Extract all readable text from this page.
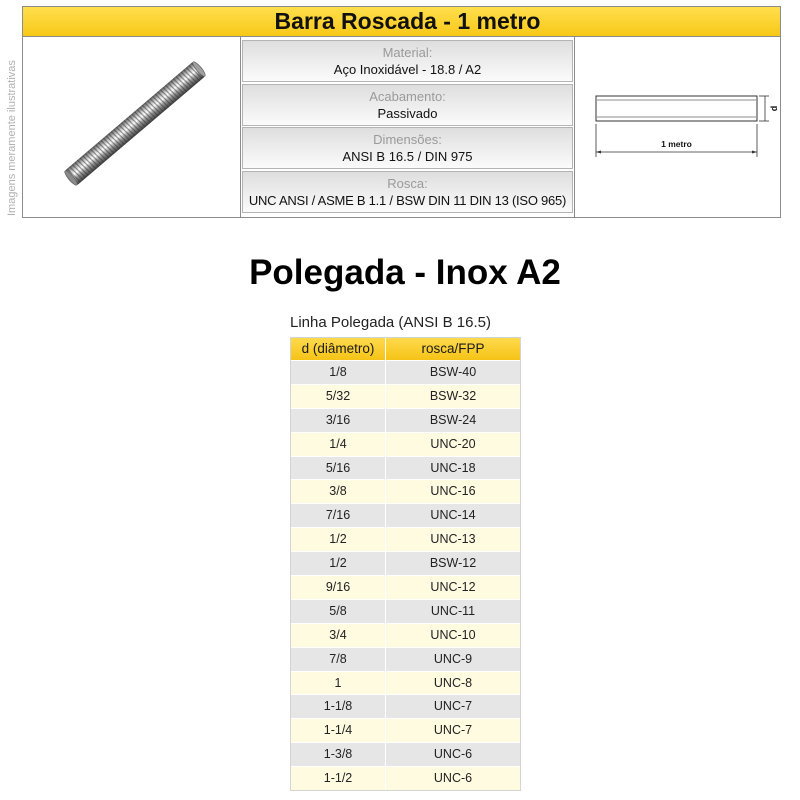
Barra Roscada - 1 metro
Imagens meramente ilustrativas
Material:
Aço Inoxidável - 18.8 / A2
Acabamento:
Passivado
Dimensões:
ANSI B 16.5 / DIN 975
Rosca:
UNC ANSI / ASME B 1.1 / BSW DIN 11 DIN 13 (ISO 965)
d
1 metro
Polegada - Inox A2
Linha Polegada (ANSI B 16.5)
d (diâmetro)	rosca/FPP
1/8	BSW-40
5/32	BSW-32
3/16	BSW-24
1/4	UNC-20
5/16	UNC-18
3/8	UNC-16
7/16	UNC-14
1/2	UNC-13
1/2	BSW-12
9/16	UNC-12
5/8	UNC-11
3/4	UNC-10
7/8	UNC-9
1	UNC-8
1-1/8	UNC-7
1-1/4	UNC-7
1-3/8	UNC-6
1-1/2	UNC-6
